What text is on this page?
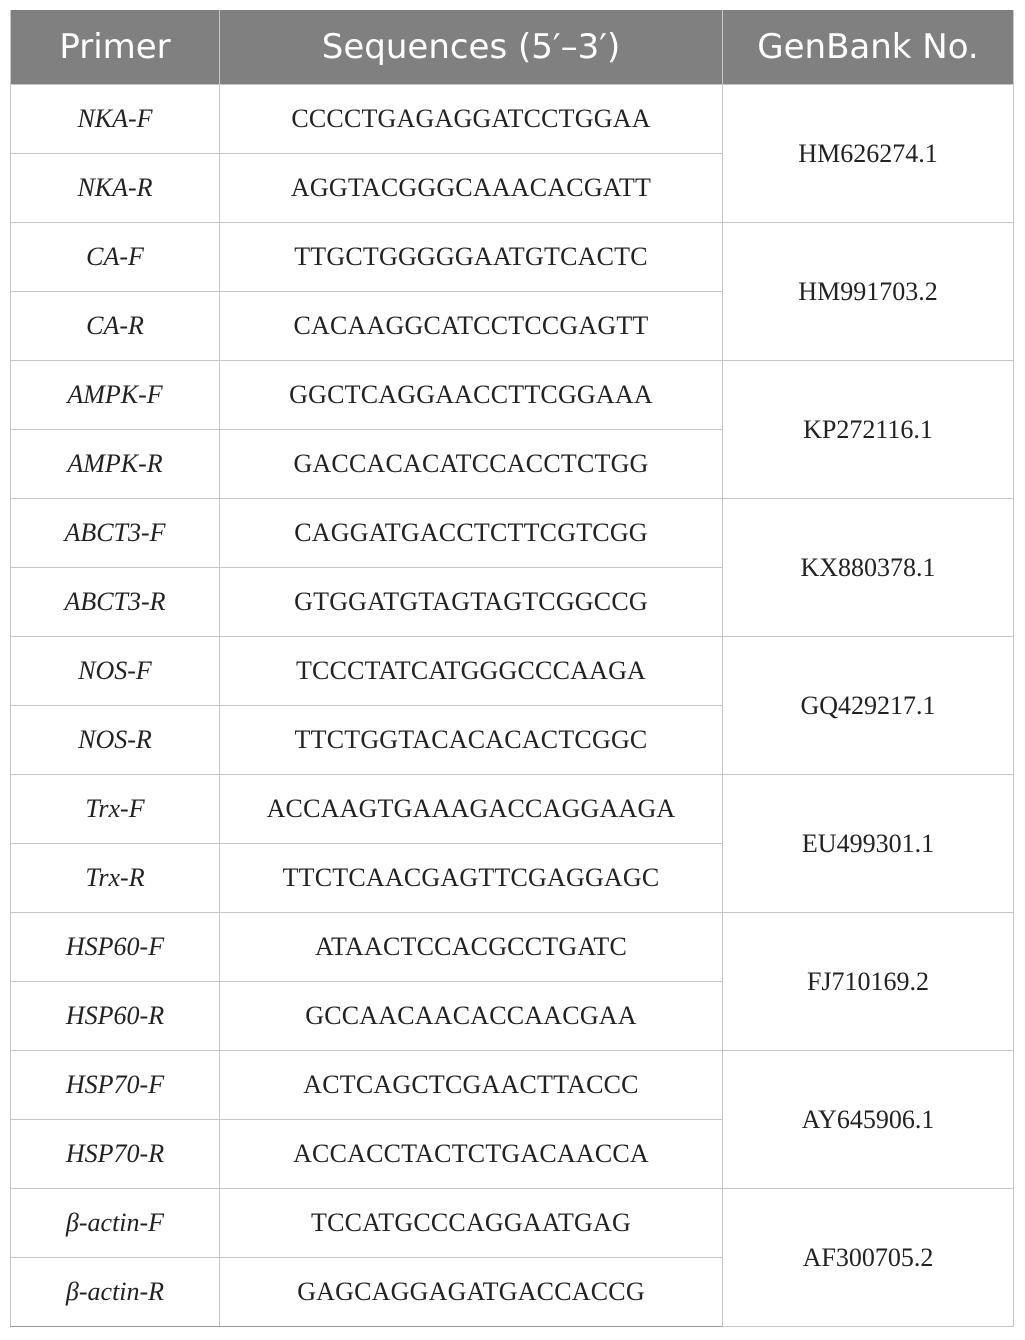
Primer	Sequences (5′–3′)	GenBank No.
NKA-F	CCCCTGAGAGGATCCTGGAA	HM626274.1
NKA-R	AGGTACGGGCAAACACGATT	
CA-F	TTGCTGGGGGAATGTCACTC	HM991703.2
CA-R	CACAAGGCATCCTCCGAGTT	
AMPK-F	GGCTCAGGAACCTTCGGAAA	KP272116.1
AMPK-R	GACCACACATCCACCTCTGG	
ABCT3-F	CAGGATGACCTCTTCGTCGG	KX880378.1
ABCT3-R	GTGGATGTAGTAGTCGGCCG	
NOS-F	TCCCTATCATGGGCCCAAGA	GQ429217.1
NOS-R	TTCTGGTACACACACTCGGC	
Trx-F	ACCAAGTGAAAGACCAGGAAGA	EU499301.1
Trx-R	TTCTCAACGAGTTCGAGGAGC	
HSP60-F	ATAACTCCACGCCTGATC	FJ710169.2
HSP60-R	GCCAACAACACCAACGAA	
HSP70-F	ACTCAGCTCGAACTTACCC	AY645906.1
HSP70-R	ACCACCTACTCTGACAACCA	
β-actin-F	TCCATGCCCAGGAATGAG	AF300705.2
β-actin-R	GAGCAGGAGATGACCACCG	
